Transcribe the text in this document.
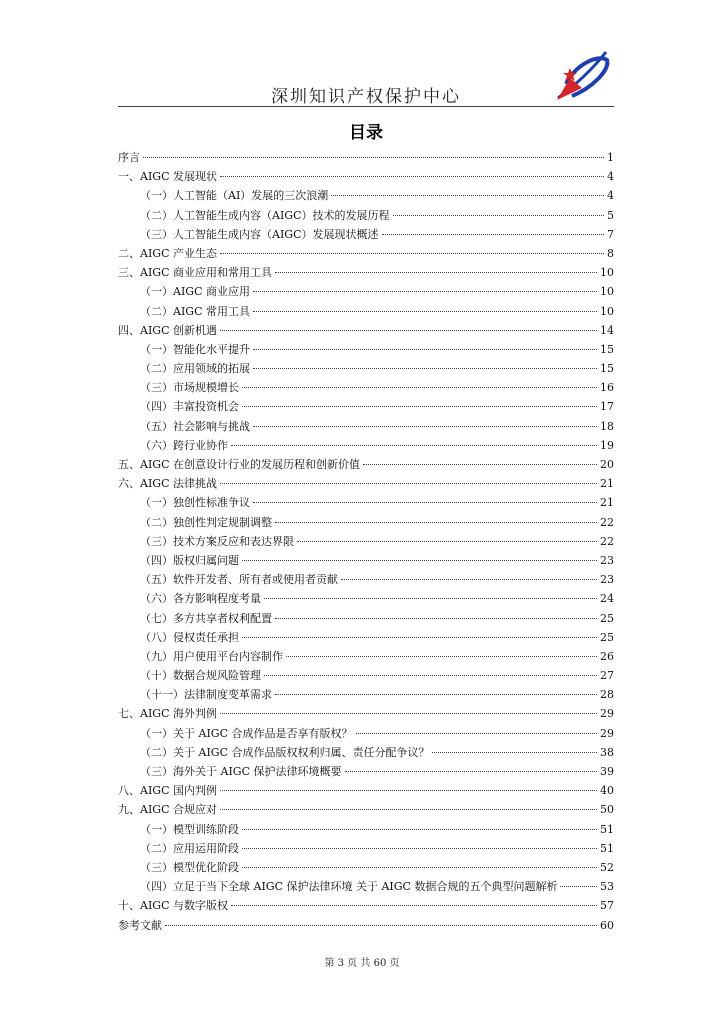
深圳知识产权保护中心
目录
序言	1
一、AIGC 发展现状	4
（一）人工智能（AI）发展的三次浪潮	4
（二）人工智能生成内容（AIGC）技术的发展历程	5
（三）人工智能生成内容（AIGC）发展现状概述	7
二、AIGC 产业生态	8
三、AIGC 商业应用和常用工具	10
（一）AIGC 商业应用	10
（二）AIGC 常用工具	10
四、AIGC 创新机遇	14
（一）智能化水平提升	15
（二）应用领域的拓展	15
（三）市场规模增长	16
（四）丰富投资机会	17
（五）社会影响与挑战	18
（六）跨行业协作	19
五、AIGC 在创意设计行业的发展历程和创新价值	20
六、AIGC 法律挑战	21
（一）独创性标准争议	21
（二）独创性判定规制调整	22
（三）技术方案反应和表达界限	22
（四）版权归属问题	23
（五）软件开发者、所有者或使用者贡献	23
（六）各方影响程度考量	24
（七）多方共享者权利配置	25
（八）侵权责任承担	25
（九）用户使用平台内容制作	26
（十）数据合规风险管理	27
（十一）法律制度变革需求	28
七、AIGC 海外判例	29
（一）关于 AIGC 合成作品是否享有版权？	29
（二）关于 AIGC 合成作品版权权利归属、责任分配争议？	38
（三）海外关于 AIGC 保护法律环境概要	39
八、AIGC 国内判例	40
九、AIGC 合规应对	50
（一）模型训练阶段	51
（二）应用运用阶段	51
（三）模型优化阶段	52
（四）立足于当下全球 AIGC 保护法律环境 关于 AIGC 数据合规的五个典型问题解析	53
十、AIGC 与数字版权	57
参考文献	60
第 3 页 共 60 页
